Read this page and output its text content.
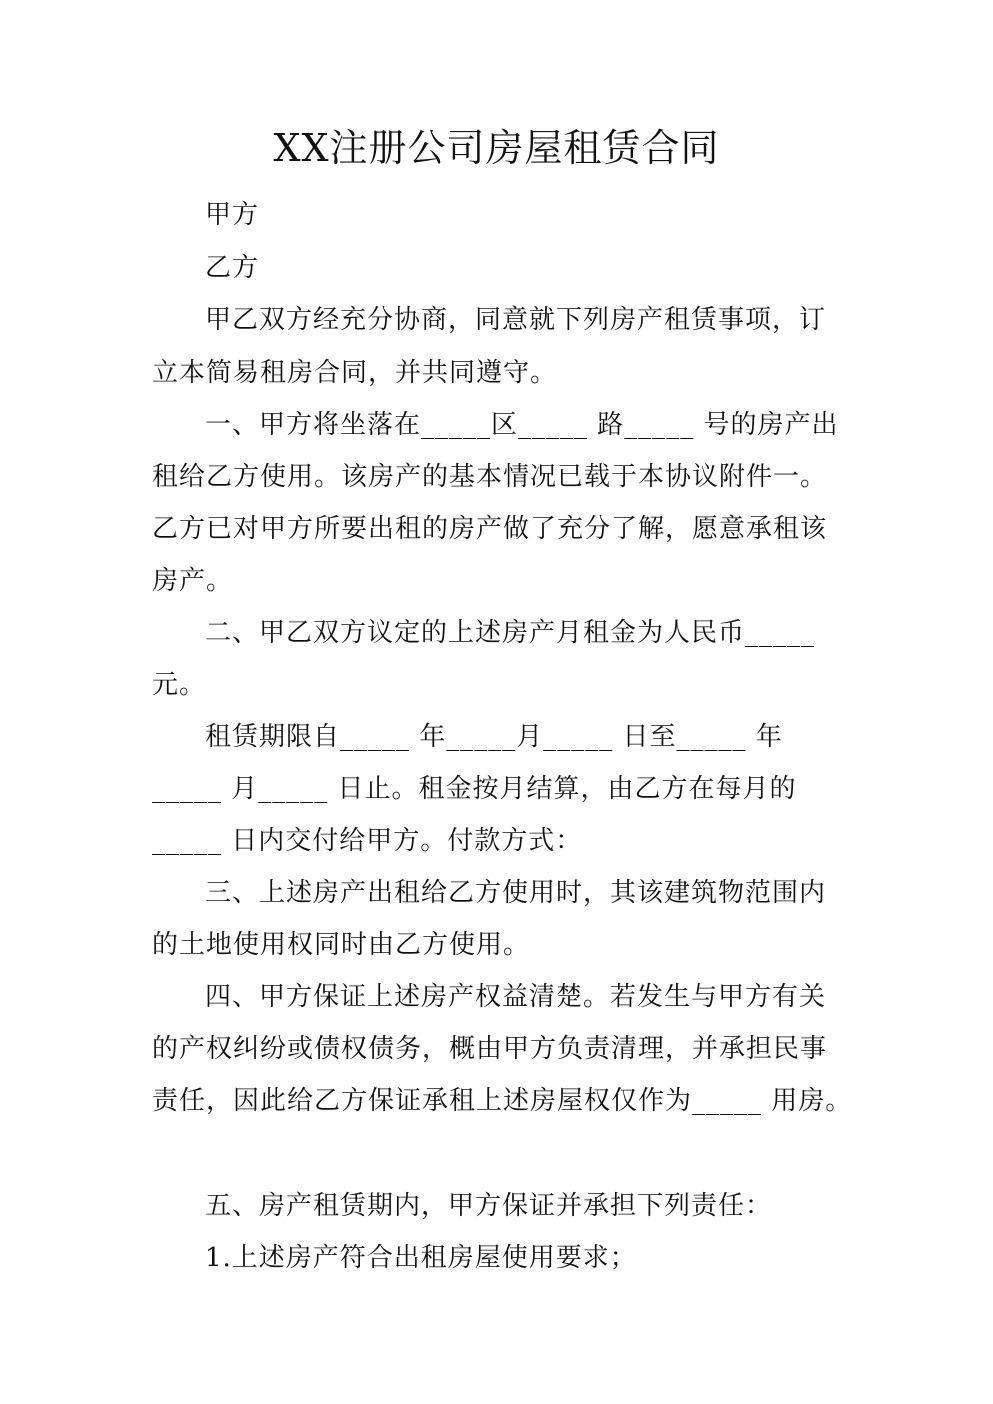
XX注册公司房屋租赁合同
甲方
乙方
甲乙双方经充分协商，同意就下列房产租赁事项，订
立本简易租房合同，并共同遵守。
一、甲方将坐落在_____区_____ 路_____ 号的房产出
租给乙方使用。该房产的基本情况已载于本协议附件一。
乙方已对甲方所要出租的房产做了充分了解，愿意承租该
房产。
二、甲乙双方议定的上述房产月租金为人民币_____
元。
租赁期限自_____ 年_____月_____ 日至_____ 年
_____ 月_____ 日止。租金按月结算，由乙方在每月的
_____ 日内交付给甲方。付款方式：
三、上述房产出租给乙方使用时，其该建筑物范围内
的土地使用权同时由乙方使用。
四、甲方保证上述房产权益清楚。若发生与甲方有关
的产权纠纷或债权债务，概由甲方负责清理，并承担民事
责任，因此给乙方保证承租上述房屋权仅作为_____ 用房。
五、房产租赁期内，甲方保证并承担下列责任：
1.上述房产符合出租房屋使用要求；
